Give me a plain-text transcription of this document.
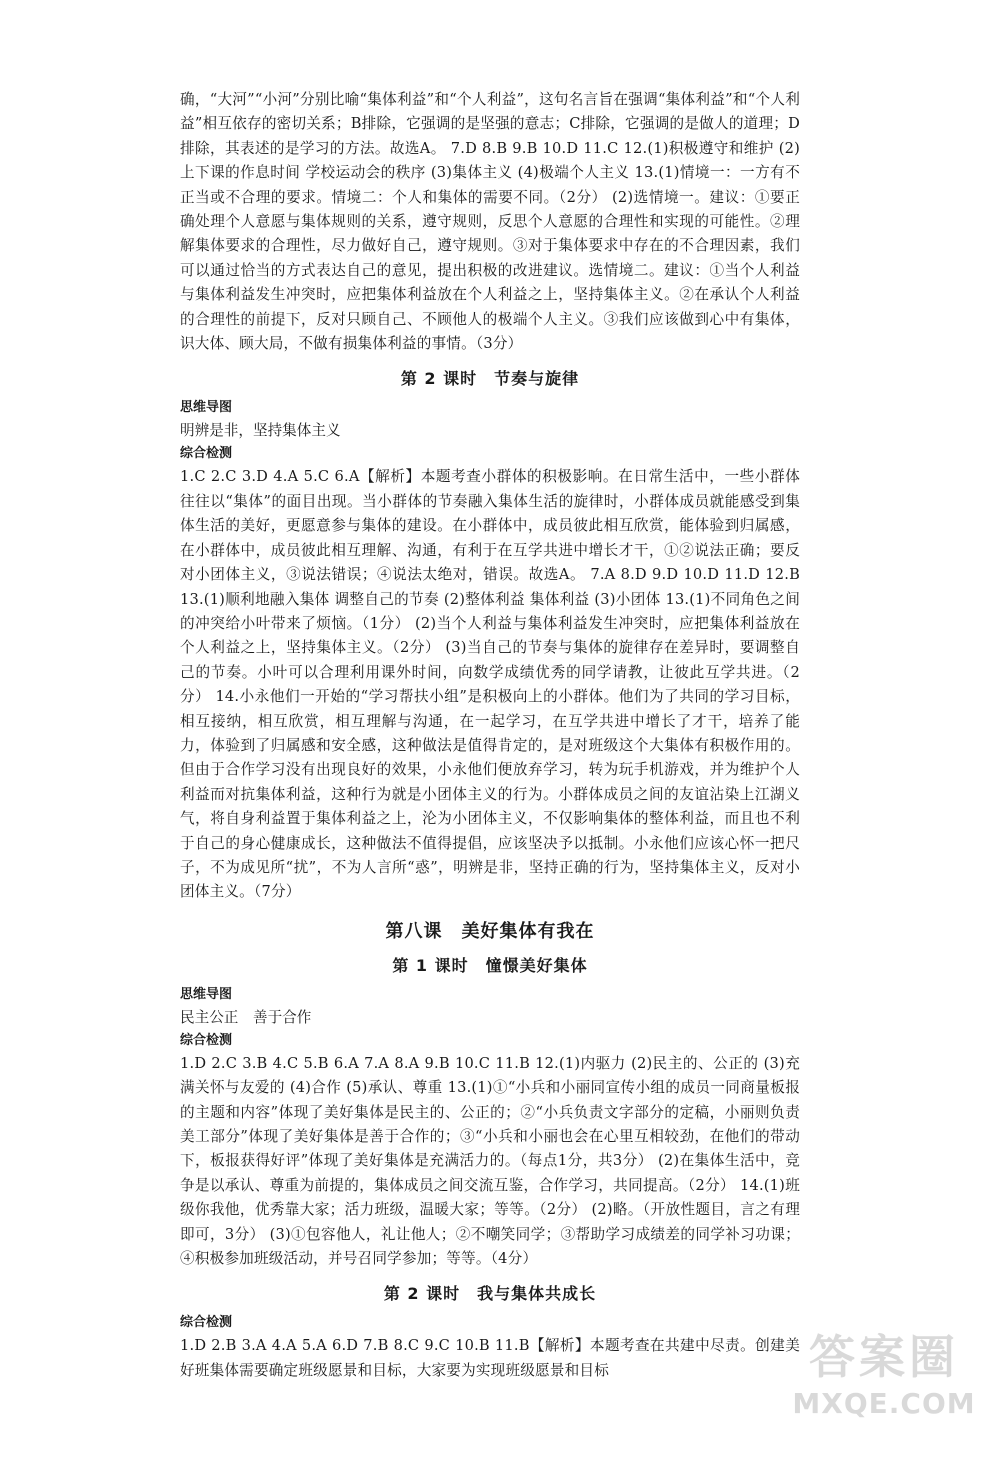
确，“大河”“小河”分别比喻“集体利益”和“个人利益”，这句名言旨在强调“集体利益”和“个人利益”相互依存的密切关系；B排除，它强调的是坚强的意志；C排除，它强调的是做人的道理；D排除，其表述的是学习的方法。故选A。 7.D 8.B 9.B 10.D 11.C 12.(1)积极遵守和维护 (2)上下课的作息时间 学校运动会的秩序 (3)集体主义 (4)极端个人主义 13.(1)情境一：一方有不正当或不合理的要求。情境二：个人和集体的需要不同。（2分） (2)选情境一。建议：①要正确处理个人意愿与集体规则的关系，遵守规则，反思个人意愿的合理性和实现的可能性。②理解集体要求的合理性，尽力做好自己，遵守规则。③对于集体要求中存在的不合理因素，我们可以通过恰当的方式表达自己的意见，提出积极的改进建议。选情境二。建议：①当个人利益与集体利益发生冲突时，应把集体利益放在个人利益之上，坚持集体主义。②在承认个人利益的合理性的前提下，反对只顾自己、不顾他人的极端个人主义。③我们应该做到心中有集体，识大体、顾大局，不做有损集体利益的事情。（3分）

第 2 课时　节奏与旋律

思维导图

明辨是非，坚持集体主义

综合检测

1.C 2.C 3.D 4.A 5.C 6.A【解析】本题考查小群体的积极影响。在日常生活中，一些小群体往往以“集体”的面目出现。当小群体的节奏融入集体生活的旋律时，小群体成员就能感受到集体生活的美好，更愿意参与集体的建设。在小群体中，成员彼此相互欣赏，能体验到归属感，在小群体中，成员彼此相互理解、沟通，有利于在互学共进中增长才干，①②说法正确；要反对小团体主义，③说法错误；④说法太绝对，错误。故选A。 7.A 8.D 9.D 10.D 11.D 12.B 13.(1)顺利地融入集体 调整自己的节奏 (2)整体利益 集体利益 (3)小团体 13.(1)不同角色之间的冲突给小叶带来了烦恼。（1分） (2)当个人利益与集体利益发生冲突时，应把集体利益放在个人利益之上，坚持集体主义。（2分） (3)当自己的节奏与集体的旋律存在差异时，要调整自己的节奏。小叶可以合理利用课外时间，向数学成绩优秀的同学请教，让彼此互学共进。（2分） 14.小永他们一开始的“学习帮扶小组”是积极向上的小群体。他们为了共同的学习目标，相互接纳，相互欣赏，相互理解与沟通，在一起学习，在互学共进中增长了才干，培养了能力，体验到了归属感和安全感，这种做法是值得肯定的，是对班级这个大集体有积极作用的。但由于合作学习没有出现良好的效果，小永他们便放弃学习，转为玩手机游戏，并为维护个人利益而对抗集体利益，这种行为就是小团体主义的行为。小群体成员之间的友谊沾染上江湖义气，将自身利益置于集体利益之上，沦为小团体主义，不仅影响集体的整体利益，而且也不利于自己的身心健康成长，这种做法不值得提倡，应该坚决予以抵制。小永他们应该心怀一把尺子，不为成见所“扰”，不为人言所“惑”，明辨是非，坚持正确的行为，坚持集体主义，反对小团体主义。（7分）

第八课　美好集体有我在
第 1 课时　憧憬美好集体

思维导图

民主公正　善于合作

综合检测

1.D 2.C 3.B 4.C 5.B 6.A 7.A 8.A 9.B 10.C 11.B 12.(1)内驱力 (2)民主的、公正的 (3)充满关怀与友爱的 (4)合作 (5)承认、尊重 13.(1)①“小兵和小丽同宣传小组的成员一同商量板报的主题和内容”体现了美好集体是民主的、公正的；②“小兵负责文字部分的定稿，小丽则负责美工部分”体现了美好集体是善于合作的；③“小兵和小丽也会在心里互相较劲，在他们的带动下，板报获得好评”体现了美好集体是充满活力的。（每点1分，共3分） (2)在集体生活中，竞争是以承认、尊重为前提的，集体成员之间交流互鉴，合作学习，共同提高。（2分） 14.(1)班级你我他，优秀靠大家；活力班级，温暖大家；等等。（2分） (2)略。（开放性题目，言之有理即可，3分） (3)①包容他人，礼让他人；②不嘲笑同学；③帮助学习成绩差的同学补习功课；④积极参加班级活动，并号召同学参加；等等。（4分）

第 2 课时　我与集体共成长

综合检测

1.D 2.B 3.A 4.A 5.A 6.D 7.B 8.C 9.C 10.B 11.B【解析】本题考查在共建中尽责。创建美好班集体需要确定班级愿景和目标，大家要为实现班级愿景和目标	答案圈
MXQE.COM
